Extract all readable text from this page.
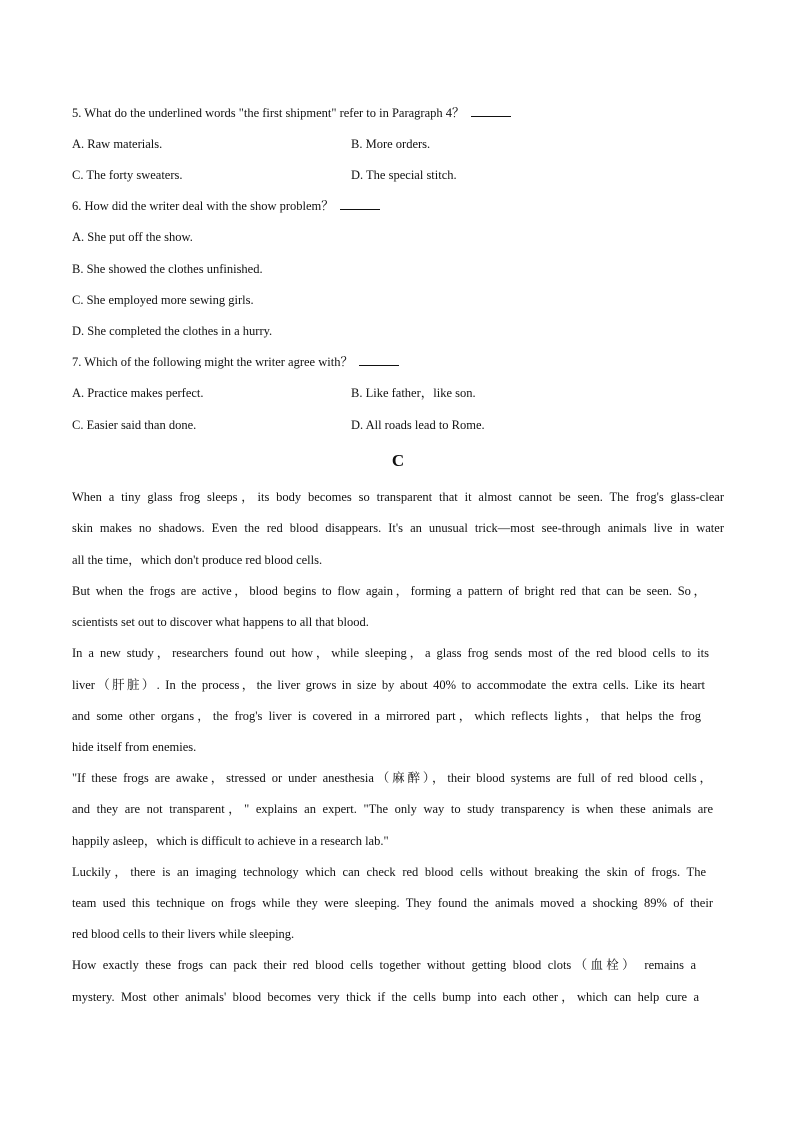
5. What do the underlined words "the first shipment" refer to in Paragraph 4？
A. Raw materials.	B. More orders.
C. The forty sweaters.	D. The special stitch.
6. How did the writer deal with the show problem？
A. She put off the show.
B. She showed the clothes unfinished.
C. She employed more sewing girls.
D. She completed the clothes in a hurry.
7. Which of the following might the writer agree with？
A. Practice makes perfect.	B. Like father，like son.
C. Easier said than done.	D. All roads lead to Rome.
C
When a tiny glass frog sleeps，its body becomes so transparent that it almost cannot be seen. The frog's glass-clear
skin makes no shadows. Even the red blood disappears. It's an unusual trick—most see-through animals live in water
all the time，which don't produce red blood cells.
But when the frogs are active，blood begins to flow again，forming a pattern of bright red that can be seen. So，
scientists set out to discover what happens to all that blood.
In a new study，researchers found out how，while sleeping，a glass frog sends most of the red blood cells to its
liver（肝脏）. In the process，the liver grows in size by about 40% to accommodate the extra cells. Like its heart
and some other organs，the frog's liver is covered in a mirrored part，which reflects lights，that helps the frog
hide itself from enemies.
"If these frogs are awake，stressed or under anesthesia（麻醉），their blood systems are full of red blood cells，
and they are not transparent，" explains an expert. "The only way to study transparency is when these animals are
happily asleep，which is difficult to achieve in a research lab."
Luckily，there is an imaging technology which can check red blood cells without breaking the skin of frogs. The
team used this technique on frogs while they were sleeping. They found the animals moved a shocking 89% of their
red blood cells to their livers while sleeping.
How exactly these frogs can pack their red blood cells together without getting blood clots（血栓） remains a
mystery. Most other animals' blood becomes very thick if the cells bump into each other，which can help cure a
